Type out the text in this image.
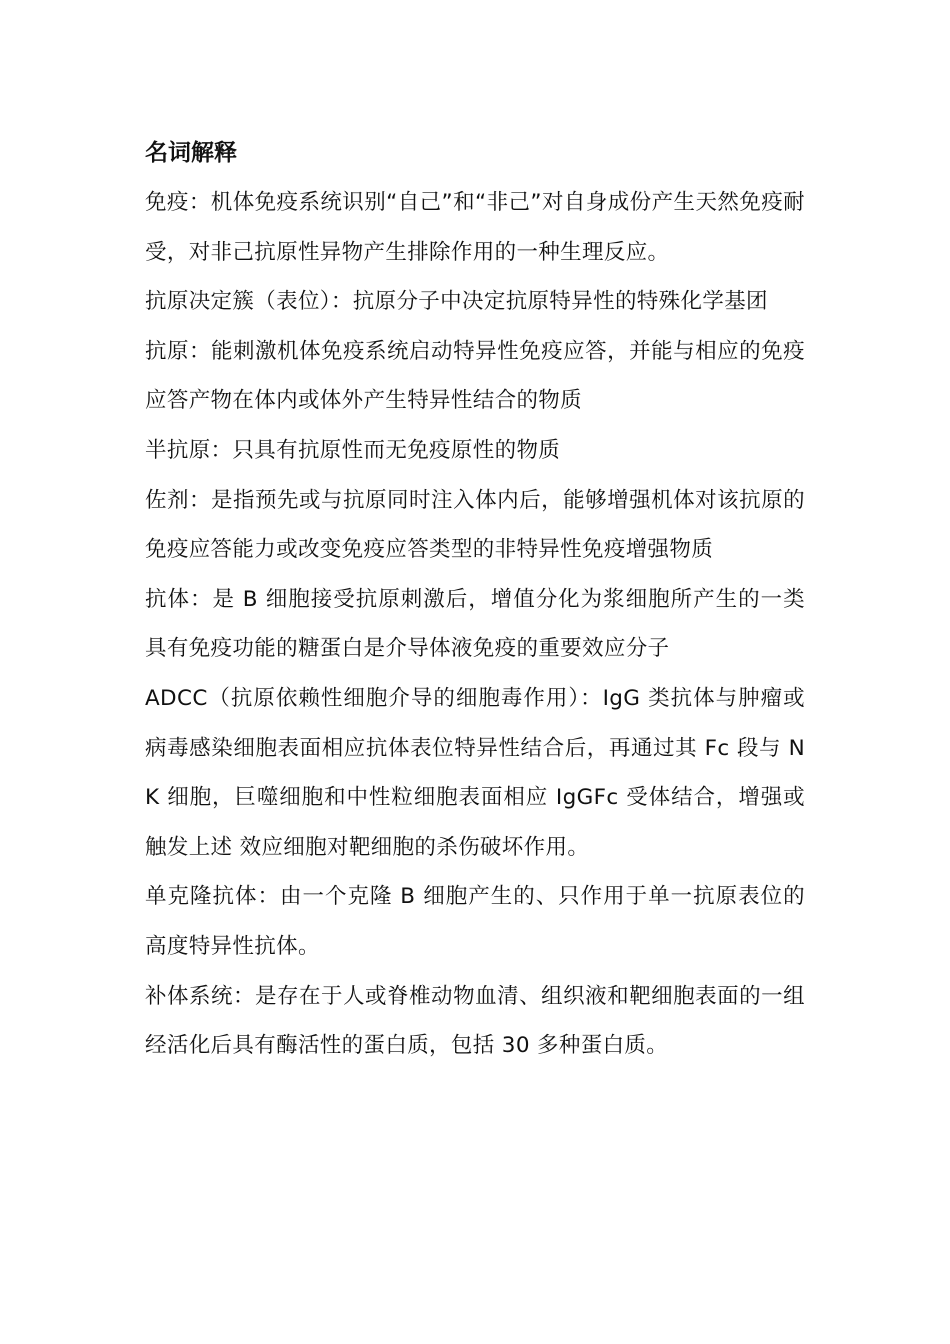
名词解释

免疫：机体免疫系统识别“自己”和“非己”对自身成份产生天然免疫耐受，对非己抗原性异物产生排除作用的一种生理反应。

抗原决定簇（表位）：抗原分子中决定抗原特异性的特殊化学基团

抗原：能刺激机体免疫系统启动特异性免疫应答，并能与相应的免疫应答产物在体内或体外产生特异性结合的物质

半抗原：只具有抗原性而无免疫原性的物质

佐剂：是指预先或与抗原同时注入体内后，能够增强机体对该抗原的免疫应答能力或改变免疫应答类型的非特异性免疫增强物质

抗体：是 B 细胞接受抗原刺激后，增值分化为浆细胞所产生的一类具有免疫功能的糖蛋白是介导体液免疫的重要效应分子

ADCC（抗原依赖性细胞介导的细胞毒作用）：IgG 类抗体与肿瘤或病毒感染细胞表面相应抗体表位特异性结合后，再通过其 Fc 段与 NK 细胞，巨噬细胞和中性粒细胞表面相应 IgGFc 受体结合，增强或触发上述 效应细胞对靶细胞的杀伤破坏作用。

单克隆抗体：由一个克隆 B 细胞产生的、只作用于单一抗原表位的高度特异性抗体。

补体系统：是存在于人或脊椎动物血清、组织液和靶细胞表面的一组经活化后具有酶活性的蛋白质，包括 30 多种蛋白质。
